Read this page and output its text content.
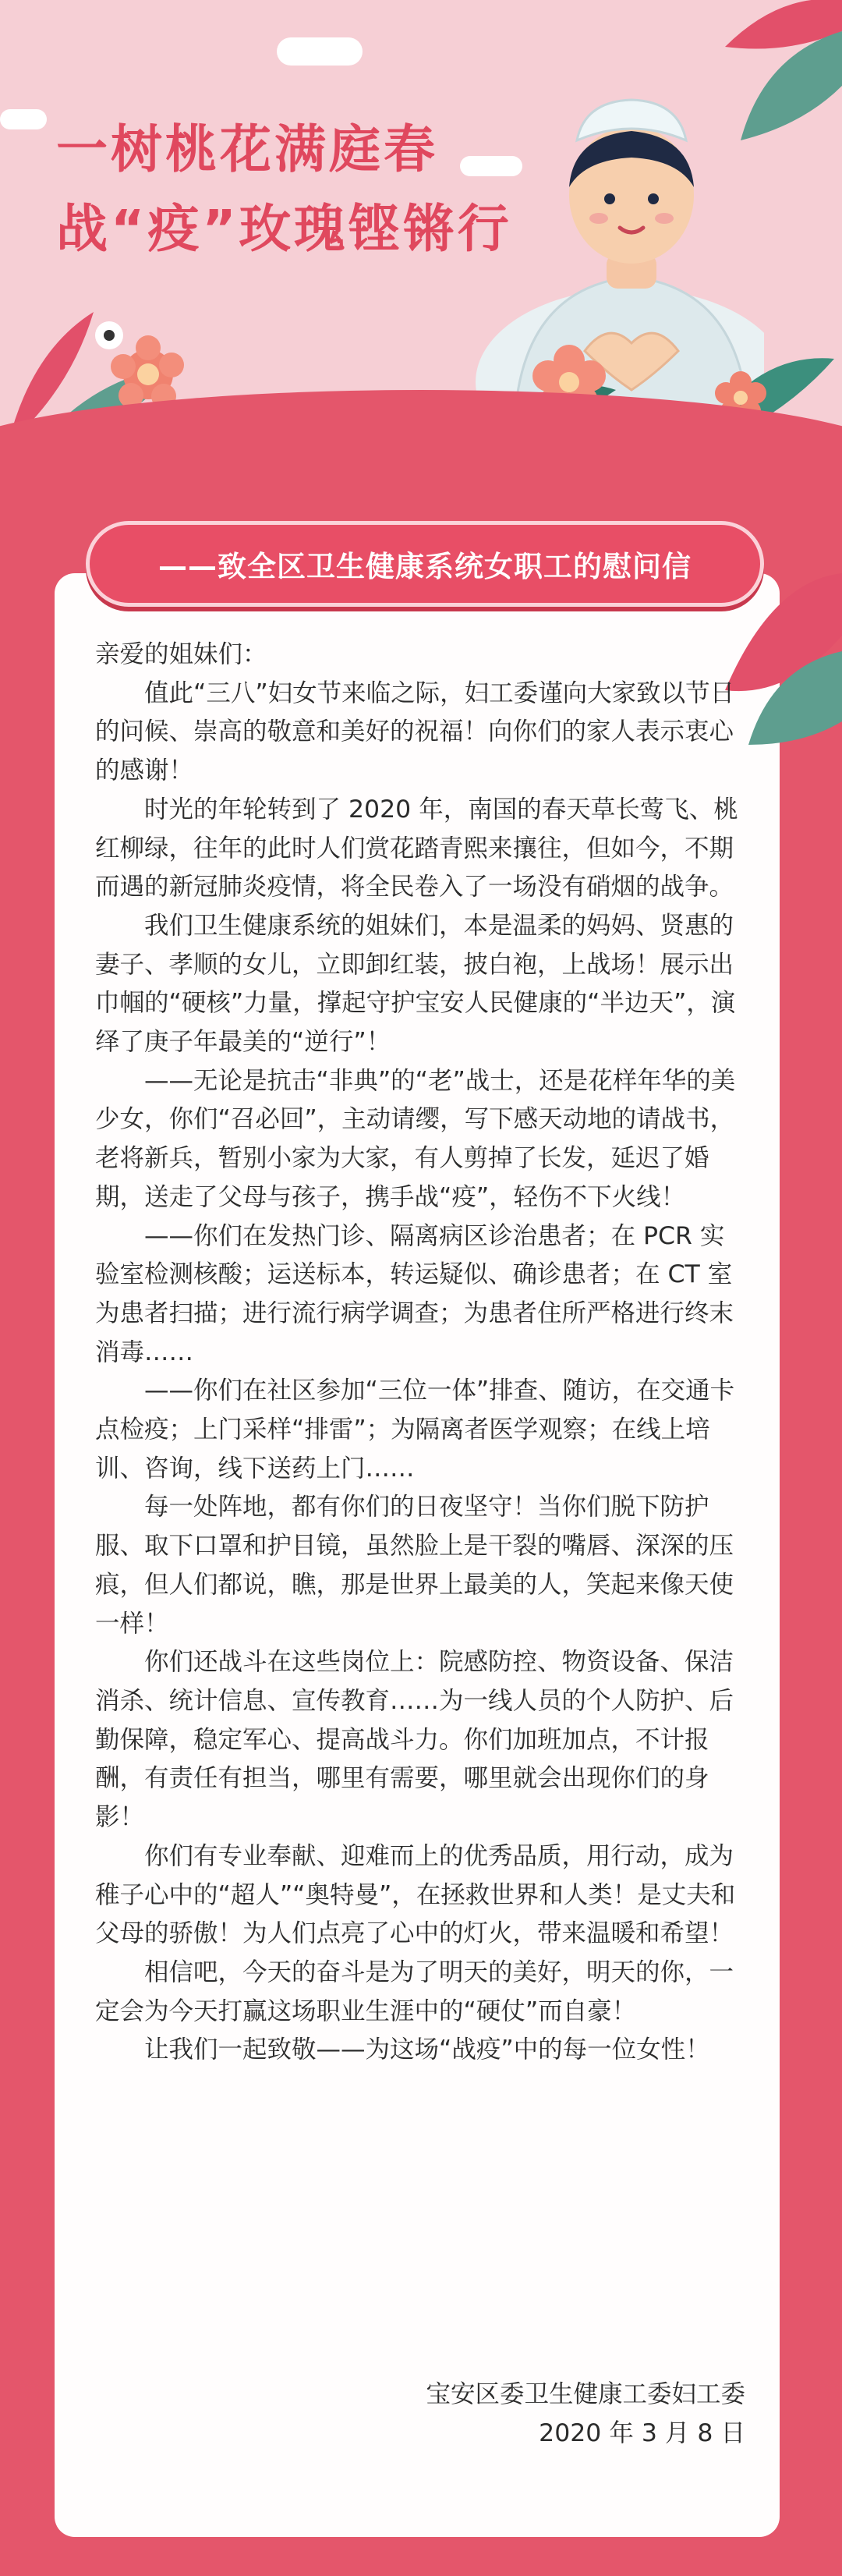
一树桃花满庭春
战“疫”玫瑰铿锵行
——致全区卫生健康系统女职工的慰问信

亲爱的姐妹们：

值此“三八”妇女节来临之际，妇工委谨向大家致以节日的问候、崇高的敬意和美好的祝福！向你们的家人表示衷心的感谢！

时光的年轮转到了 2020 年，南国的春天草长莺飞、桃红柳绿，往年的此时人们赏花踏青熙来攘往，但如今，不期而遇的新冠肺炎疫情，将全民卷入了一场没有硝烟的战争。

我们卫生健康系统的姐妹们，本是温柔的妈妈、贤惠的妻子、孝顺的女儿，立即卸红装，披白袍，上战场！展示出巾帼的“硬核”力量，撑起守护宝安人民健康的“半边天”，演绎了庚子年最美的“逆行”！

——无论是抗击“非典”的“老”战士，还是花样年华的美少女，你们“召必回”，主动请缨，写下感天动地的请战书，老将新兵，暂别小家为大家，有人剪掉了长发，延迟了婚期，送走了父母与孩子，携手战“疫”，轻伤不下火线！

——你们在发热门诊、隔离病区诊治患者；在 PCR 实验室检测核酸；运送标本，转运疑似、确诊患者；在 CT 室为患者扫描；进行流行病学调查；为患者住所严格进行终末消毒……

——你们在社区参加“三位一体”排查、随访，在交通卡点检疫；上门采样“排雷”；为隔离者医学观察；在线上培训、咨询，线下送药上门……

每一处阵地，都有你们的日夜坚守！当你们脱下防护服、取下口罩和护目镜，虽然脸上是干裂的嘴唇、深深的压痕，但人们都说，瞧，那是世界上最美的人，笑起来像天使一样！

你们还战斗在这些岗位上：院感防控、物资设备、保洁消杀、统计信息、宣传教育……为一线人员的个人防护、后勤保障，稳定军心、提高战斗力。你们加班加点，不计报酬，有责任有担当，哪里有需要，哪里就会出现你们的身影！

你们有专业奉献、迎难而上的优秀品质，用行动，成为稚子心中的“超人”“奥特曼”，在拯救世界和人类！是丈夫和父母的骄傲！为人们点亮了心中的灯火，带来温暖和希望！

相信吧，今天的奋斗是为了明天的美好，明天的你，一定会为今天打赢这场职业生涯中的“硬仗”而自豪！

让我们一起致敬——为这场“战疫”中的每一位女性！

宝安区委卫生健康工委妇工委
2020 年 3 月 8 日
